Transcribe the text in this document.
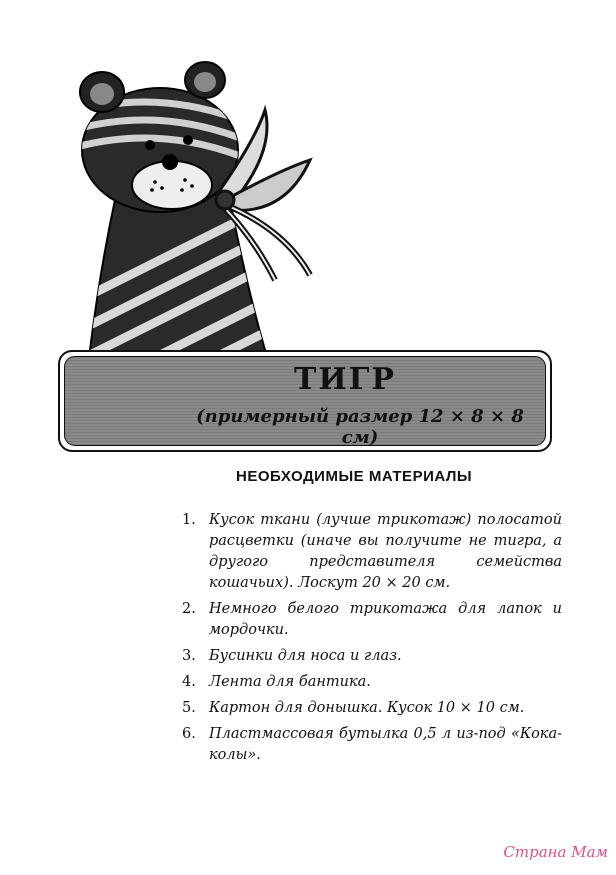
ТИГР
(примерный размер 12 × 8 × 8 см)
НЕОБХОДИМЫЕ МАТЕРИАЛЫ
1. Кусок ткани (лучше трикотаж) полосатой расцветки (иначе вы получите не тигра, а другого представителя семейства кошачьих). Лоскут 20 × 20 см.
2. Немного белого трикотажа для лапок и мордочки.
3. Бусинки для носа и глаз.
4. Лента для бантика.
5. Картон для донышка. Кусок 10 × 10 см.
6. Пластмассовая бутылка 0,5 л из-под «Кока-колы».
Страна Мам
